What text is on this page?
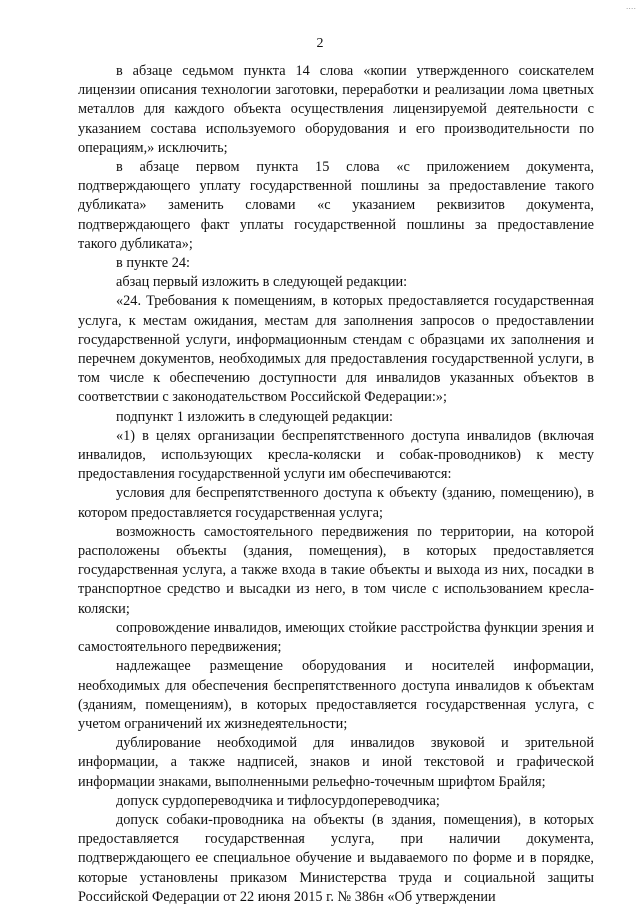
....
2

в абзаце седьмом пункта 14 слова «копии утвержденного соискателем лицензии описания технологии заготовки, переработки и реализации лома цветных металлов для каждого объекта осуществления лицензируемой деятельности с указанием состава используемого оборудования и его производительности по операциям,» исключить;

в абзаце первом пункта 15 слова «с приложением документа, подтверждающего уплату государственной пошлины за предоставление такого дубликата» заменить словами «с указанием реквизитов документа, подтверждающего факт уплаты государственной пошлины за предоставление такого дубликата»;

в пункте 24:

абзац первый изложить в следующей редакции:

«24. Требования к помещениям, в которых предоставляется государственная услуга, к местам ожидания, местам для заполнения запросов о предоставлении государственной услуги, информационным стендам с образцами их заполнения и перечнем документов, необходимых для предоставления государственной услуги, в том числе к обеспечению доступности для инвалидов указанных объектов в соответствии с законодательством Российской Федерации:»;

подпункт 1 изложить в следующей редакции:

«1) в целях организации беспрепятственного доступа инвалидов (включая инвалидов, использующих кресла-коляски и собак-проводников) к месту предоставления государственной услуги им обеспечиваются:

условия для беспрепятственного доступа к объекту (зданию, помещению), в котором предоставляется государственная услуга;

возможность самостоятельного передвижения по территории, на которой расположены объекты (здания, помещения), в которых предоставляется государственная услуга, а также входа в такие объекты и выхода из них, посадки в транспортное средство и высадки из него, в том числе с использованием кресла-коляски;

сопровождение инвалидов, имеющих стойкие расстройства функции зрения и самостоятельного передвижения;

надлежащее размещение оборудования и носителей информации, необходимых для обеспечения беспрепятственного доступа инвалидов к объектам (зданиям, помещениям), в которых предоставляется государственная услуга, с учетом ограничений их жизнедеятельности;

дублирование необходимой для инвалидов звуковой и зрительной информации, а также надписей, знаков и иной текстовой и графической информации знаками, выполненными рельефно-точечным шрифтом Брайля;

допуск сурдопереводчика и тифлосурдопереводчика;

допуск собаки-проводника на объекты (в здания, помещения), в которых предоставляется государственная услуга, при наличии документа, подтверждающего ее специальное обучение и выдаваемого по форме и в порядке, которые установлены приказом Министерства труда и социальной защиты Российской Федерации от 22 июня 2015 г. № 386н «Об утверждении
